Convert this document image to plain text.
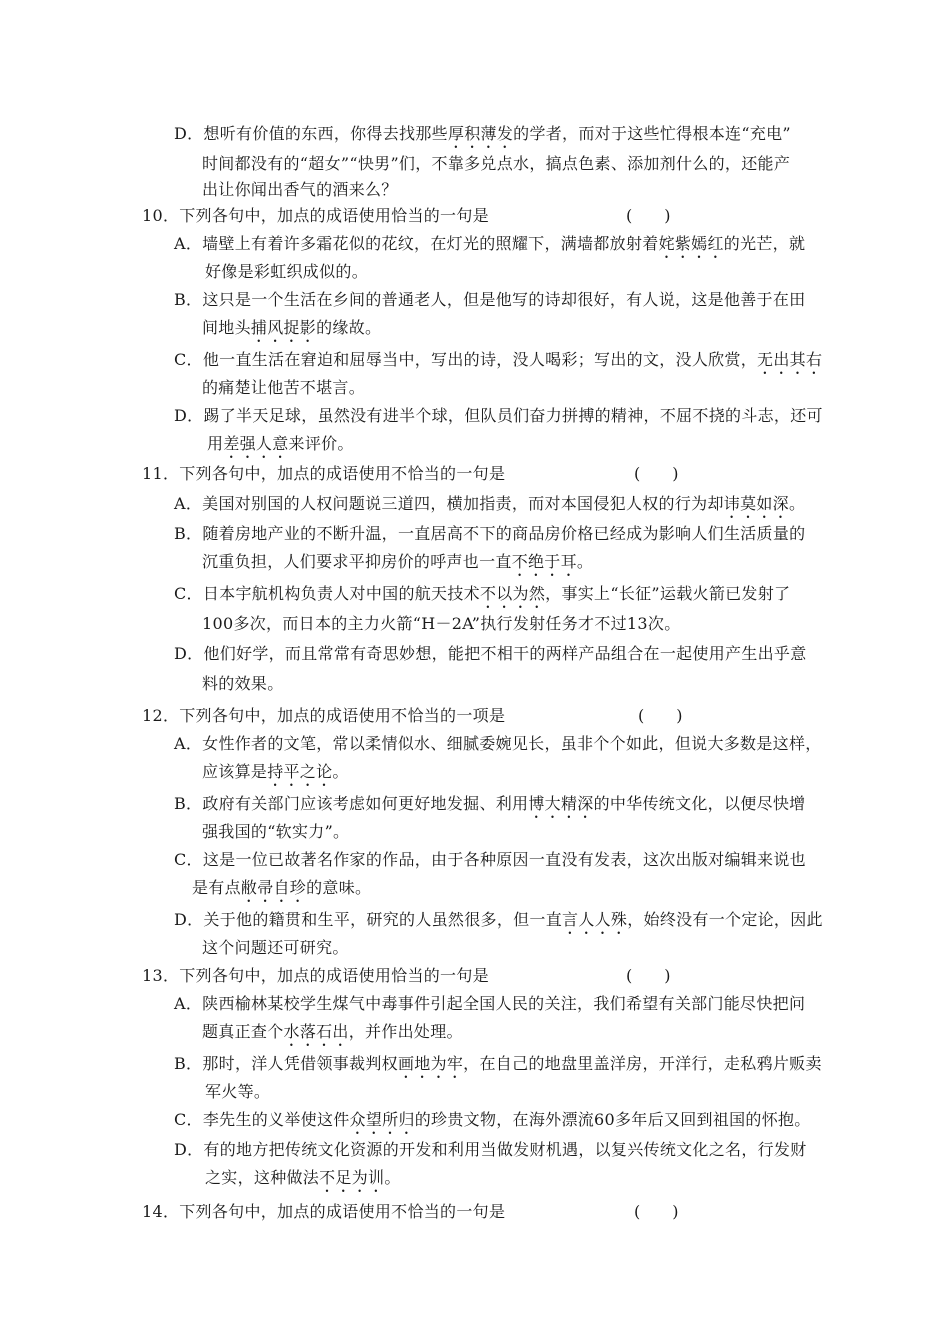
D．想听有价值的东西，你得去找那些厚积薄发的学者，而对于这些忙得根本连“充电”
时间都没有的“超女”“快男”们，不靠多兑点水，搞点色素、添加剂什么的，还能产
出让你闻出香气的酒来么？
10．下列各句中，加点的成语使用恰当的一句是
A．墙壁上有着许多霜花似的花纹，在灯光的照耀下，满墙都放射着姹紫嫣红的光芒，就
好像是彩虹织成似的。
B．这只是一个生活在乡间的普通老人，但是他写的诗却很好，有人说，这是他善于在田
间地头捕风捉影的缘故。
C．他一直生活在窘迫和屈辱当中，写出的诗，没人喝彩；写出的文，没人欣赏，无出其右
的痛楚让他苦不堪言。
D．踢了半天足球，虽然没有进半个球，但队员们奋力拼搏的精神，不屈不挠的斗志，还可
用差强人意来评价。
11．下列各句中，加点的成语使用不恰当的一句是
A．美国对别国的人权问题说三道四，横加指责，而对本国侵犯人权的行为却讳莫如深。
B．随着房地产业的不断升温，一直居高不下的商品房价格已经成为影响人们生活质量的
沉重负担，人们要求平抑房价的呼声也一直不绝于耳。
C．日本宇航机构负责人对中国的航天技术不以为然，事实上“长征”运载火箭已发射了
100多次，而日本的主力火箭“H－2A”执行发射任务才不过13次。
D．他们好学，而且常常有奇思妙想，能把不相干的两样产品组合在一起使用产生出乎意
料的效果。
12．下列各句中，加点的成语使用不恰当的一项是
A．女性作者的文笔，常以柔情似水、细腻委婉见长，虽非个个如此，但说大多数是这样，
应该算是持平之论。
B．政府有关部门应该考虑如何更好地发掘、利用博大精深的中华传统文化，以便尽快增
强我国的“软实力”。
C．这是一位已故著名作家的作品，由于各种原因一直没有发表，这次出版对编辑来说也
是有点敝帚自珍的意味。
D．关于他的籍贯和生平，研究的人虽然很多，但一直言人人殊，始终没有一个定论，因此
这个问题还可研究。
13．下列各句中，加点的成语使用恰当的一句是
A．陕西榆林某校学生煤气中毒事件引起全国人民的关注，我们希望有关部门能尽快把问
题真正查个水落石出，并作出处理。
B．那时，洋人凭借领事裁判权画地为牢，在自己的地盘里盖洋房，开洋行，走私鸦片贩卖
军火等。
C．李先生的义举使这件众望所归的珍贵文物，在海外漂流60多年后又回到祖国的怀抱。
D．有的地方把传统文化资源的开发和利用当做发财机遇，以复兴传统文化之名，行发财
之实，这种做法不足为训。
14．下列各句中，加点的成语使用不恰当的一句是
(　　)
(　　)
(　　)
(　　)
(　　)
